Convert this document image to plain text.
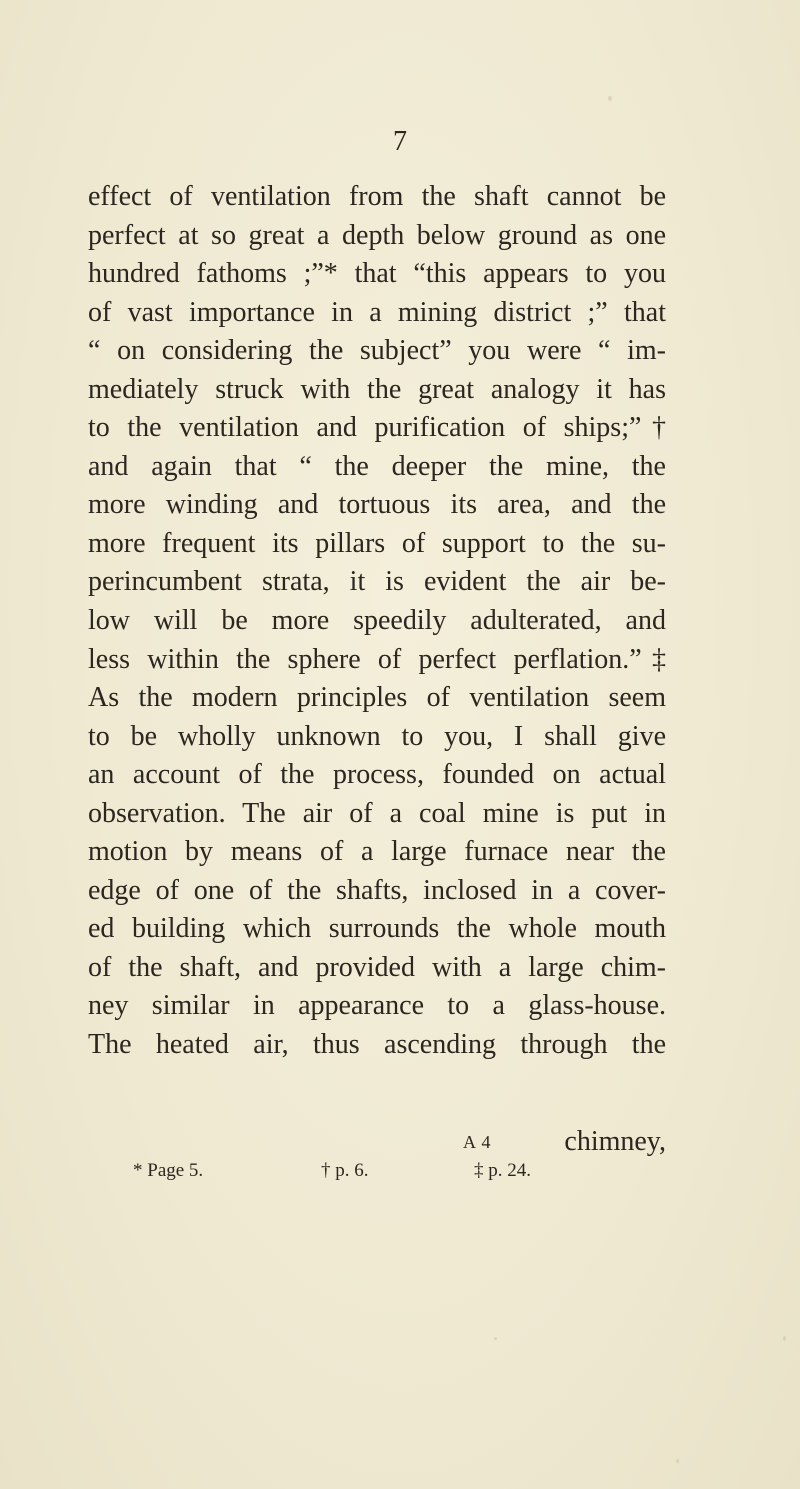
7
effect of ventilation from the shaft cannot be
perfect at so great a depth below ground as one
hundred fathoms ;”* that “this appears to you
of vast importance in a mining district ;” that
“ on considering the subject” you were “ im-
mediately struck with the great analogy it has
to the ventilation and purification of ships;”†
and again that “ the deeper the mine, the
more winding and tortuous its area, and the
more frequent its pillars of support to the su-
perincumbent strata, it is evident the air be-
low will be more speedily adulterated, and
less within the sphere of perfect perflation.”‡
As the modern principles of ventilation seem
to be wholly unknown to you, I shall give
an account of the process, founded on actual
observation. The air of a coal mine is put in
motion by means of a large furnace near the
edge of one of the shafts, inclosed in a cover-
ed building which surrounds the whole mouth
of the shaft, and provided with a large chim-
ney similar in appearance to a glass-house.
The heated air, thus ascending through the
A 4	chimney,
* Page 5.	† p. 6.	‡ p. 24.
